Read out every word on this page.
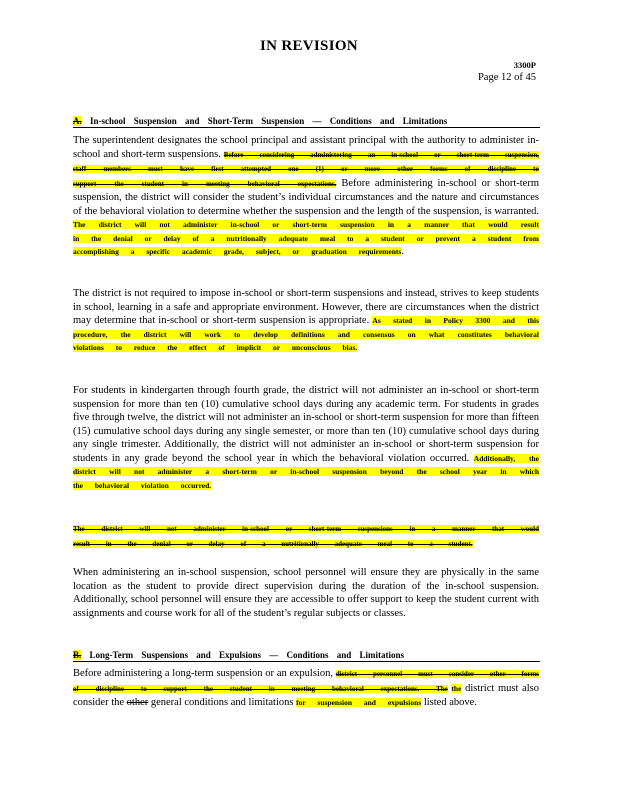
IN REVISION
3300P
Page 12 of 45
A. In-school Suspension and Short-Term Suspension — Conditions and Limitations
The superintendent designates the school principal and assistant principal with the authority to administer in-school and short-term suspensions. Before considering administering an in-school or short-term suspension, staff members must have first attempted one (1) or more other forms of discipline to support the student in meeting behavioral expectations. Before administering in-school or short-term suspension, the district will consider the student’s individual circumstances and the nature and circumstances of the behavioral violation to determine whether the suspension and the length of the suspension, is warranted. The district will not administer in-school or short-term suspension in a manner that would result in the denial or delay of a nutritionally adequate meal to a student or prevent a student from accomplishing a specific academic grade, subject, or graduation requirements.
The district is not required to impose in-school or short-term suspensions and instead, strives to keep students in school, learning in a safe and appropriate environment. However, there are circumstances when the district may determine that in-school or short-term suspension is appropriate. As stated in Policy 3300 and this procedure, the district will work to develop definitions and consensus on what constitutes behavioral violations to reduce the effect of implicit or unconscious bias.
For students in kindergarten through fourth grade, the district will not administer an in-school or short-term suspension for more than ten (10) cumulative school days during any academic term. For students in grades five through twelve, the district will not administer an in-school or short-term suspension for more than fifteen (15) cumulative school days during any single semester, or more than ten (10) cumulative school days during any single trimester. Additionally, the district will not administer an in-school or short-term suspension for students in any grade beyond the school year in which the behavioral violation occurred. Additionally, the district will not administer a short-term or in-school suspension beyond the school year in which the behavioral violation occurred.
The district will not administer in-school or short-term suspensions in a manner that would result in the denial or delay of a nutritionally adequate meal to a student.
When administering an in-school suspension, school personnel will ensure they are physically in the same location as the student to provide direct supervision during the duration of the in-school suspension. Additionally, school personnel will ensure they are accessible to offer support to keep the student current with assignments and course work for all of the student’s regular subjects or classes.
B. Long-Term Suspensions and Expulsions — Conditions and Limitations
Before administering a long-term suspension or an expulsion, district personnel must consider other forms of discipline to support the student in meeting behavioral expectations. The the district must also consider the other general conditions and limitations for suspension and expulsions listed above.
